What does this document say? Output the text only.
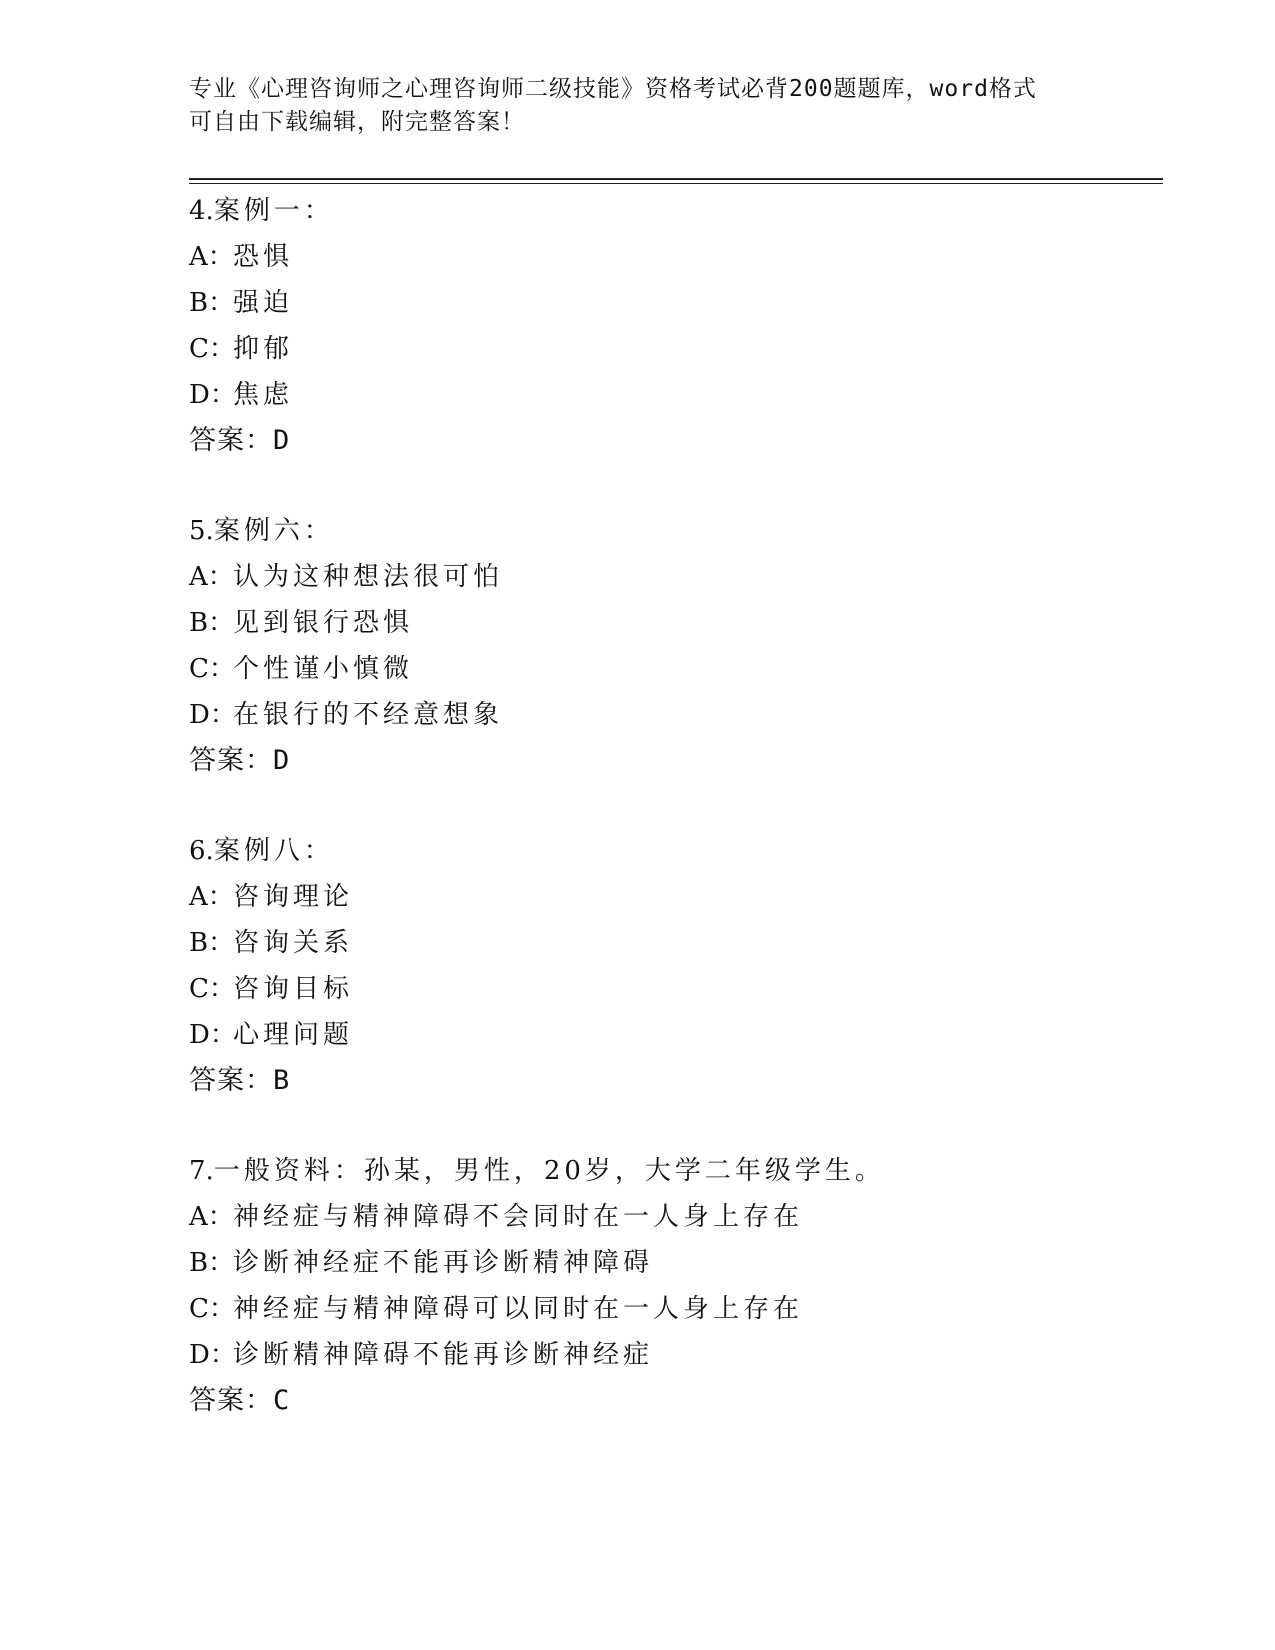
专业《心理咨询师之心理咨询师二级技能》资格考试必背200题题库，word格式
可自由下载编辑，附完整答案！
4.案例一：
A：恐惧
B：强迫
C：抑郁
D：焦虑
答案：D
5.案例六：
A：认为这种想法很可怕
B：见到银行恐惧
C：个性谨小慎微
D：在银行的不经意想象
答案：D
6.案例八：
A：咨询理论
B：咨询关系
C：咨询目标
D：心理问题
答案：B
7.一般资料：孙某，男性，20岁，大学二年级学生。
A：神经症与精神障碍不会同时在一人身上存在
B：诊断神经症不能再诊断精神障碍
C：神经症与精神障碍可以同时在一人身上存在
D：诊断精神障碍不能再诊断神经症
答案：C
